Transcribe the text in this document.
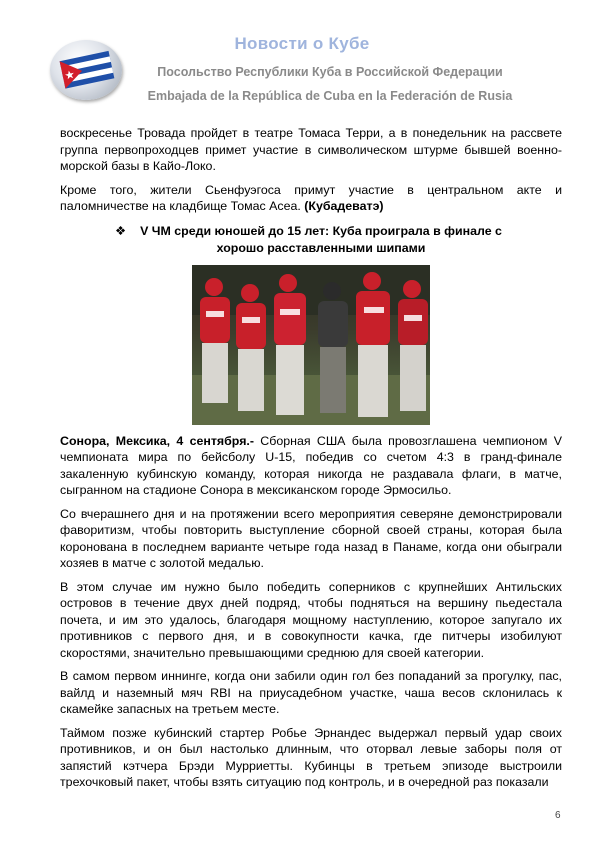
Новости о Кубе
Посольство Республики Куба в Российской Федерации
Embajada de la República de Cuba en la Federación de Rusia

воскресенье Тровада пройдет в театре Томаса Терри, а в понедельник на рассвете группа первопроходцев примет участие в символическом штурме бывшей военно-морской базы в Кайо-Локо.

Кроме того, жители Сьенфуэгоса примут участие в центральном акте и паломничестве на кладбище Томас Асеа. (Кубадеватэ)

❖ V ЧМ среди юношей до 15 лет: Куба проиграла в финале с хорошо расставленными шипами

Сонора, Мексика, 4 сентября.- Сборная США была провозглашена чемпионом V чемпионата мира по бейсболу U-15, победив со счетом 4:3 в гранд-финале закаленную кубинскую команду, которая никогда не раздавала флаги, в матче, сыгранном на стадионе Сонора в мексиканском городе Эрмосильо.

Со вчерашнего дня и на протяжении всего мероприятия северяне демонстрировали фаворитизм, чтобы повторить выступление сборной своей страны, которая была коронована в последнем варианте четыре года назад в Панаме, когда они обыграли хозяев в матче с золотой медалью.

В этом случае им нужно было победить соперников с крупнейших Антильских островов в течение двух дней подряд, чтобы подняться на вершину пьедестала почета, и им это удалось, благодаря мощному наступлению, которое запугало их противников с первого дня, и в совокупности качка, где питчеры изобилуют скоростями, значительно превышающими среднюю для своей категории.

В самом первом иннинге, когда они забили один гол без попаданий за прогулку, пас, вайлд и наземный мяч RBI на приусадебном участке, чаша весов склонилась к скамейке запасных на третьем месте.

Таймом позже кубинский стартер Робье Эрнандес выдержал первый удар своих противников, и он был настолько длинным, что оторвал левые заборы поля от запястий кэтчера Брэди Мурриетты. Кубинцы в третьем эпизоде выстроили трехочковый пакет, чтобы взять ситуацию под контроль, и в очередной раз показали

6
